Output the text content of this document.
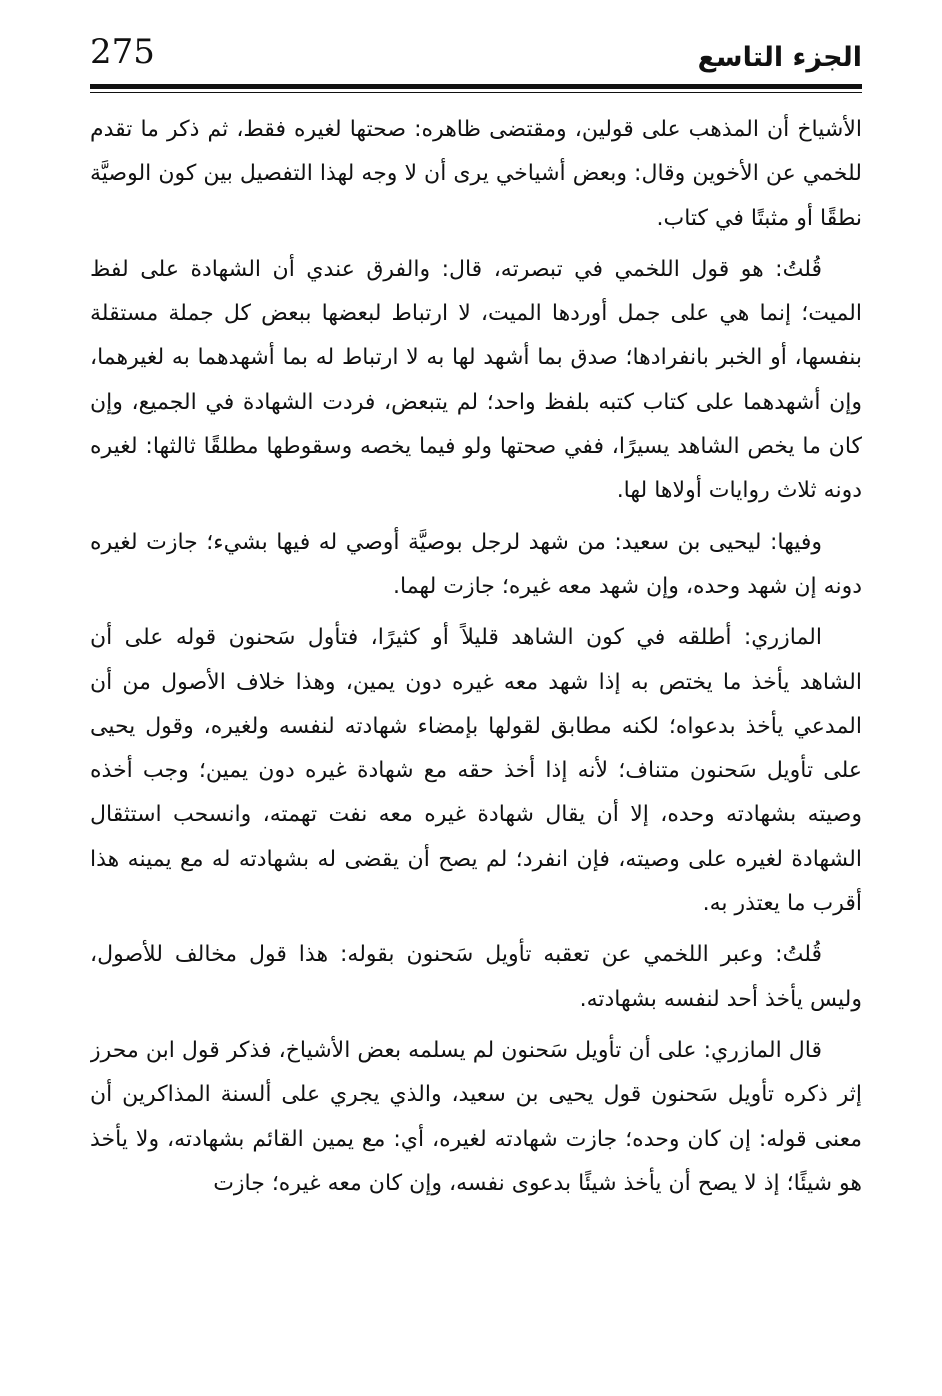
275	الجزء التاسع

الأشياخ أن المذهب على قولين، ومقتضى ظاهره: صحتها لغيره فقط، ثم ذكر ما تقدم للخمي عن الأخوين وقال: وبعض أشياخي يرى أن لا وجه لهذا التفصيل بين كون الوصيَّة نطقًا أو مثبتًا في كتاب.

قُلتُ: هو قول اللخمي في تبصرته، قال: والفرق عندي أن الشهادة على لفظ الميت؛ إنما هي على جمل أوردها الميت، لا ارتباط لبعضها ببعض كل جملة مستقلة بنفسها، أو الخبر بانفرادها؛ صدق بما أشهد لها به لا ارتباط له بما أشهدهما به لغيرهما، وإن أشهدهما على كتاب كتبه بلفظ واحد؛ لم يتبعض، فردت الشهادة في الجميع، وإن كان ما يخص الشاهد يسيرًا، ففي صحتها ولو فيما يخصه وسقوطها مطلقًا ثالثها: لغيره دونه ثلاث روايات أولاها لها.

وفيها: ليحيى بن سعيد: من شهد لرجل بوصيَّة أوصي له فيها بشيء؛ جازت لغيره دونه إن شهد وحده، وإن شهد معه غيره؛ جازت لهما.

المازري: أطلقه في كون الشاهد قليلاً أو كثيرًا، فتأول سَحنون قوله على أن الشاهد يأخذ ما يختص به إذا شهد معه غيره دون يمين، وهذا خلاف الأصول من أن المدعي يأخذ بدعواه؛ لكنه مطابق لقولها بإمضاء شهادته لنفسه ولغيره، وقول يحيى على تأويل سَحنون متناف؛ لأنه إذا أخذ حقه مع شهادة غيره دون يمين؛ وجب أخذه وصيته بشهادته وحده، إلا أن يقال شهادة غيره معه نفت تهمته، وانسحب استثقال الشهادة لغيره على وصيته، فإن انفرد؛ لم يصح أن يقضى له بشهادته له مع يمينه هذا أقرب ما يعتذر به.

قُلتُ: وعبر اللخمي عن تعقبه تأويل سَحنون بقوله: هذا قول مخالف للأصول، وليس يأخذ أحد لنفسه بشهادته.

قال المازري: على أن تأويل سَحنون لم يسلمه بعض الأشياخ، فذكر قول ابن محرز إثر ذكره تأويل سَحنون قول يحيى بن سعيد، والذي يجري على ألسنة المذاكرين أن معنى قوله: إن كان وحده؛ جازت شهادته لغيره، أي: مع يمين القائم بشهادته، ولا يأخذ هو شيئًا؛ إذ لا يصح أن يأخذ شيئًا بدعوى نفسه، وإن كان معه غيره؛ جازت
